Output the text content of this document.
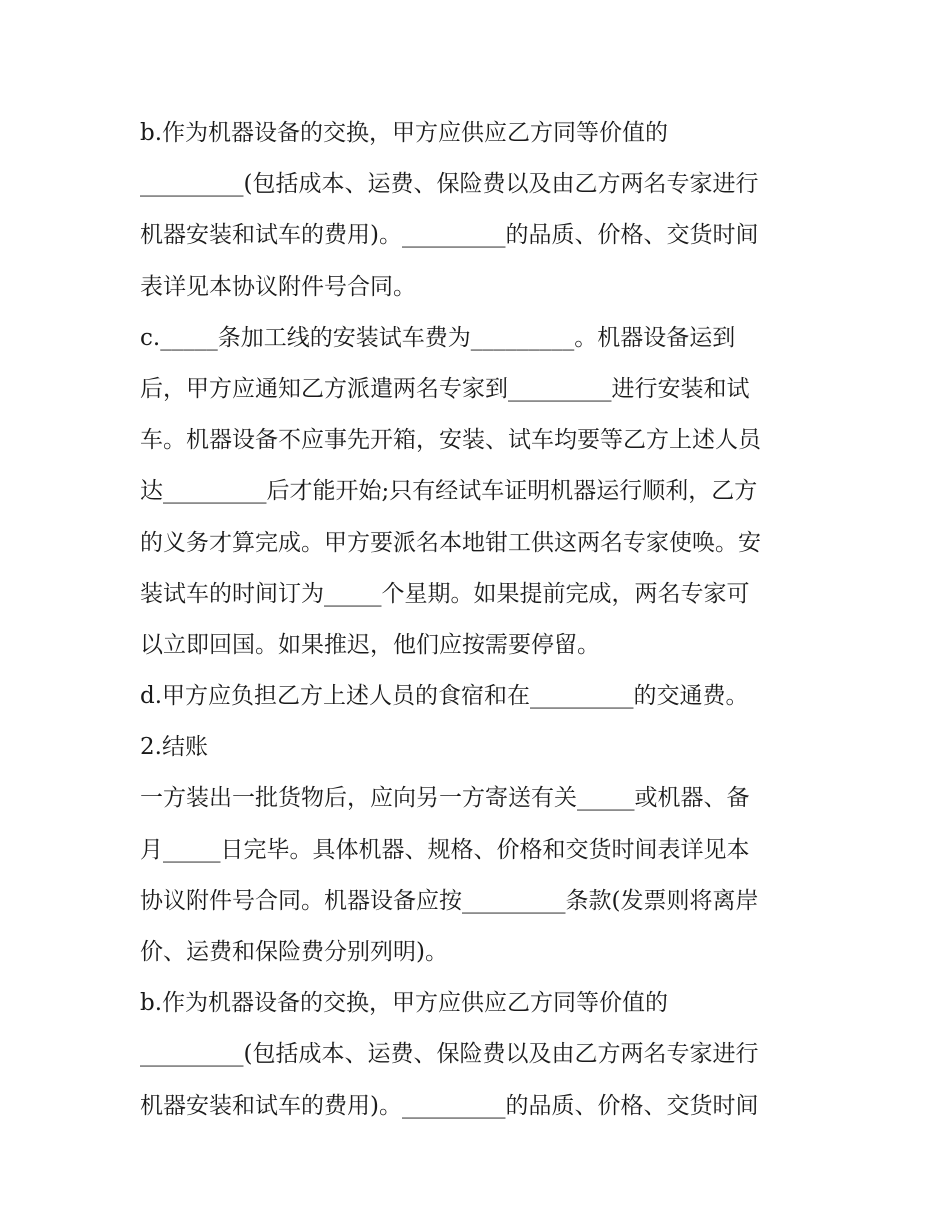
b.作为机器设备的交换，甲方应供应乙方同等价值的
_________(包括成本、运费、保险费以及由乙方两名专家进行
机器安装和试车的费用)。_________的品质、价格、交货时间
表详见本协议附件号合同。
c._____条加工线的安装试车费为_________。机器设备运到
后，甲方应通知乙方派遣两名专家到_________进行安装和试
车。机器设备不应事先开箱，安装、试车均要等乙方上述人员
达_________后才能开始;只有经试车证明机器运行顺利，乙方
的义务才算完成。甲方要派名本地钳工供这两名专家使唤。安
装试车的时间订为_____个星期。如果提前完成，两名专家可
以立即回国。如果推迟，他们应按需要停留。
d.甲方应负担乙方上述人员的食宿和在_________的交通费。
2.结账
一方装出一批货物后，应向另一方寄送有关_____或机器、备
月_____日完毕。具体机器、规格、价格和交货时间表详见本
协议附件号合同。机器设备应按_________条款(发票则将离岸
价、运费和保险费分别列明)。
b.作为机器设备的交换，甲方应供应乙方同等价值的
_________(包括成本、运费、保险费以及由乙方两名专家进行
机器安装和试车的费用)。_________的品质、价格、交货时间
